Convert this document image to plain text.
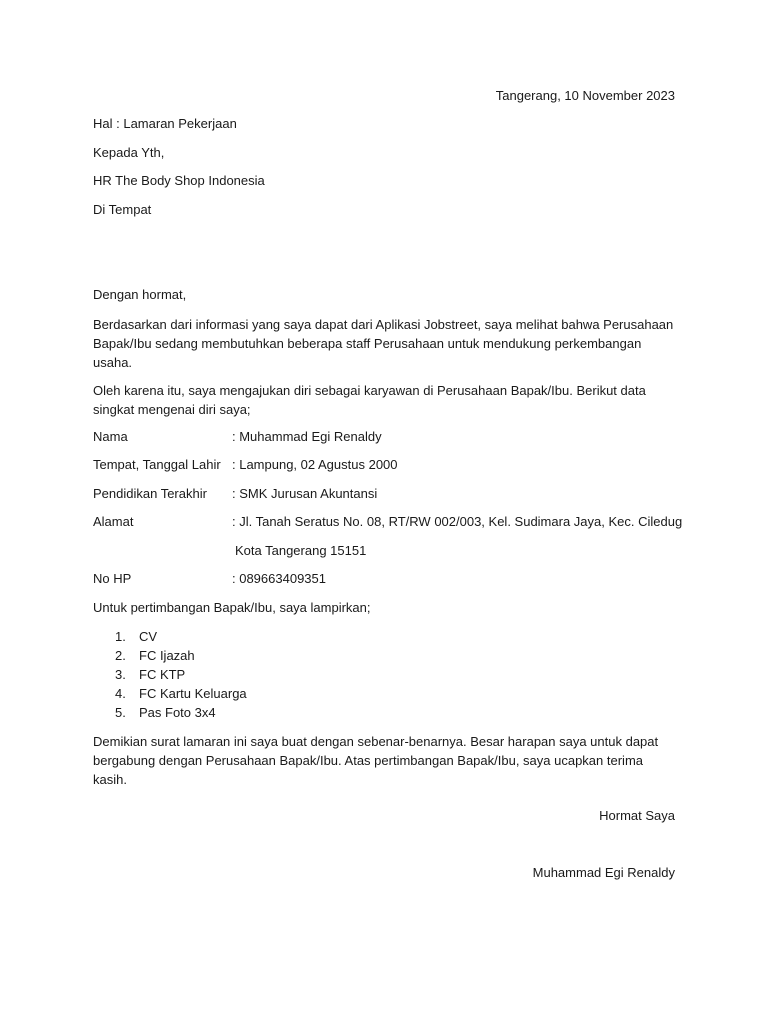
Tangerang, 10 November 2023

Hal : Lamaran Pekerjaan

Kepada Yth,

HR The Body Shop Indonesia

Di Tempat

Dengan hormat,

Berdasarkan dari informasi yang saya dapat dari Aplikasi Jobstreet, saya melihat bahwa Perusahaan Bapak/Ibu sedang membutuhkan beberapa staff Perusahaan untuk mendukung perkembangan usaha.

Oleh karena itu, saya mengajukan diri sebagai karyawan di Perusahaan Bapak/Ibu. Berikut data singkat mengenai diri saya;

Nama	: Muhammad Egi Renaldy
Tempat, Tanggal Lahir : Lampung, 02 Agustus 2000
Pendidikan Terakhir : SMK Jurusan Akuntansi
Alamat	: Jl. Tanah Seratus No. 08, RT/RW 002/003, Kel. Sudimara Jaya, Kec. Ciledug
Kota Tangerang 15151
No HP	: 089663409351

Untuk pertimbangan Bapak/Ibu, saya lampirkan;

1. CV
2. FC Ijazah
3. FC KTP
4. FC Kartu Keluarga
5. Pas Foto 3x4

Demikian surat lamaran ini saya buat dengan sebenar-benarnya. Besar harapan saya untuk dapat bergabung dengan Perusahaan Bapak/Ibu. Atas pertimbangan Bapak/Ibu, saya ucapkan terima kasih.

Hormat Saya

Muhammad Egi Renaldy
